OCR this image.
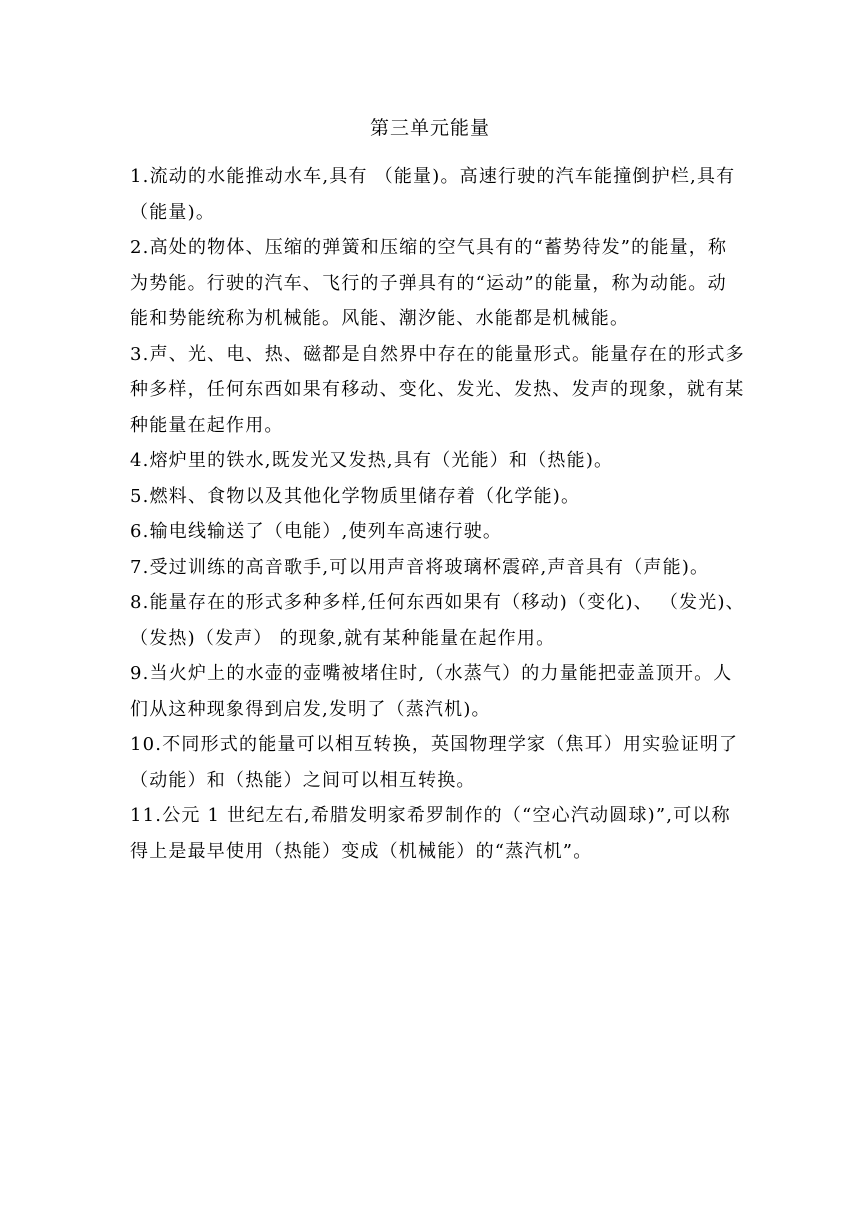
第三单元能量

1.流动的水能推动水车,具有 （能量)。高速行驶的汽车能撞倒护栏,具有
（能量)。

2.高处的物体、压缩的弹簧和压缩的空气具有的“蓄势待发”的能量，称
为势能。行驶的汽车、飞行的子弹具有的“运动”的能量，称为动能。动
能和势能统称为机械能。风能、潮汐能、水能都是机械能。

3.声、光、电、热、磁都是自然界中存在的能量形式。能量存在的形式多
种多样，任何东西如果有移动、变化、发光、发热、发声的现象，就有某
种能量在起作用。

4.熔炉里的铁水,既发光又发热,具有（光能）和（热能)。

5.燃料、食物以及其他化学物质里储存着（化学能)。

6.输电线输送了（电能）,使列车高速行驶。

7.受过训练的高音歌手,可以用声音将玻璃杯震碎,声音具有（声能)。

8.能量存在的形式多种多样,任何东西如果有（移动)（变化)、 （发光)、
（发热)（发声） 的现象,就有某种能量在起作用。

9.当火炉上的水壶的壶嘴被堵住时,（水蒸气）的力量能把壶盖顶开。人
们从这种现象得到启发,发明了（蒸汽机)。

10.不同形式的能量可以相互转换，英国物理学家（焦耳）用实验证明了
（动能）和（热能）之间可以相互转换。

11.公元 1 世纪左右,希腊发明家希罗制作的（“空心汽动圆球)”,可以称
得上是最早使用（热能）变成（机械能）的“蒸汽机”。
